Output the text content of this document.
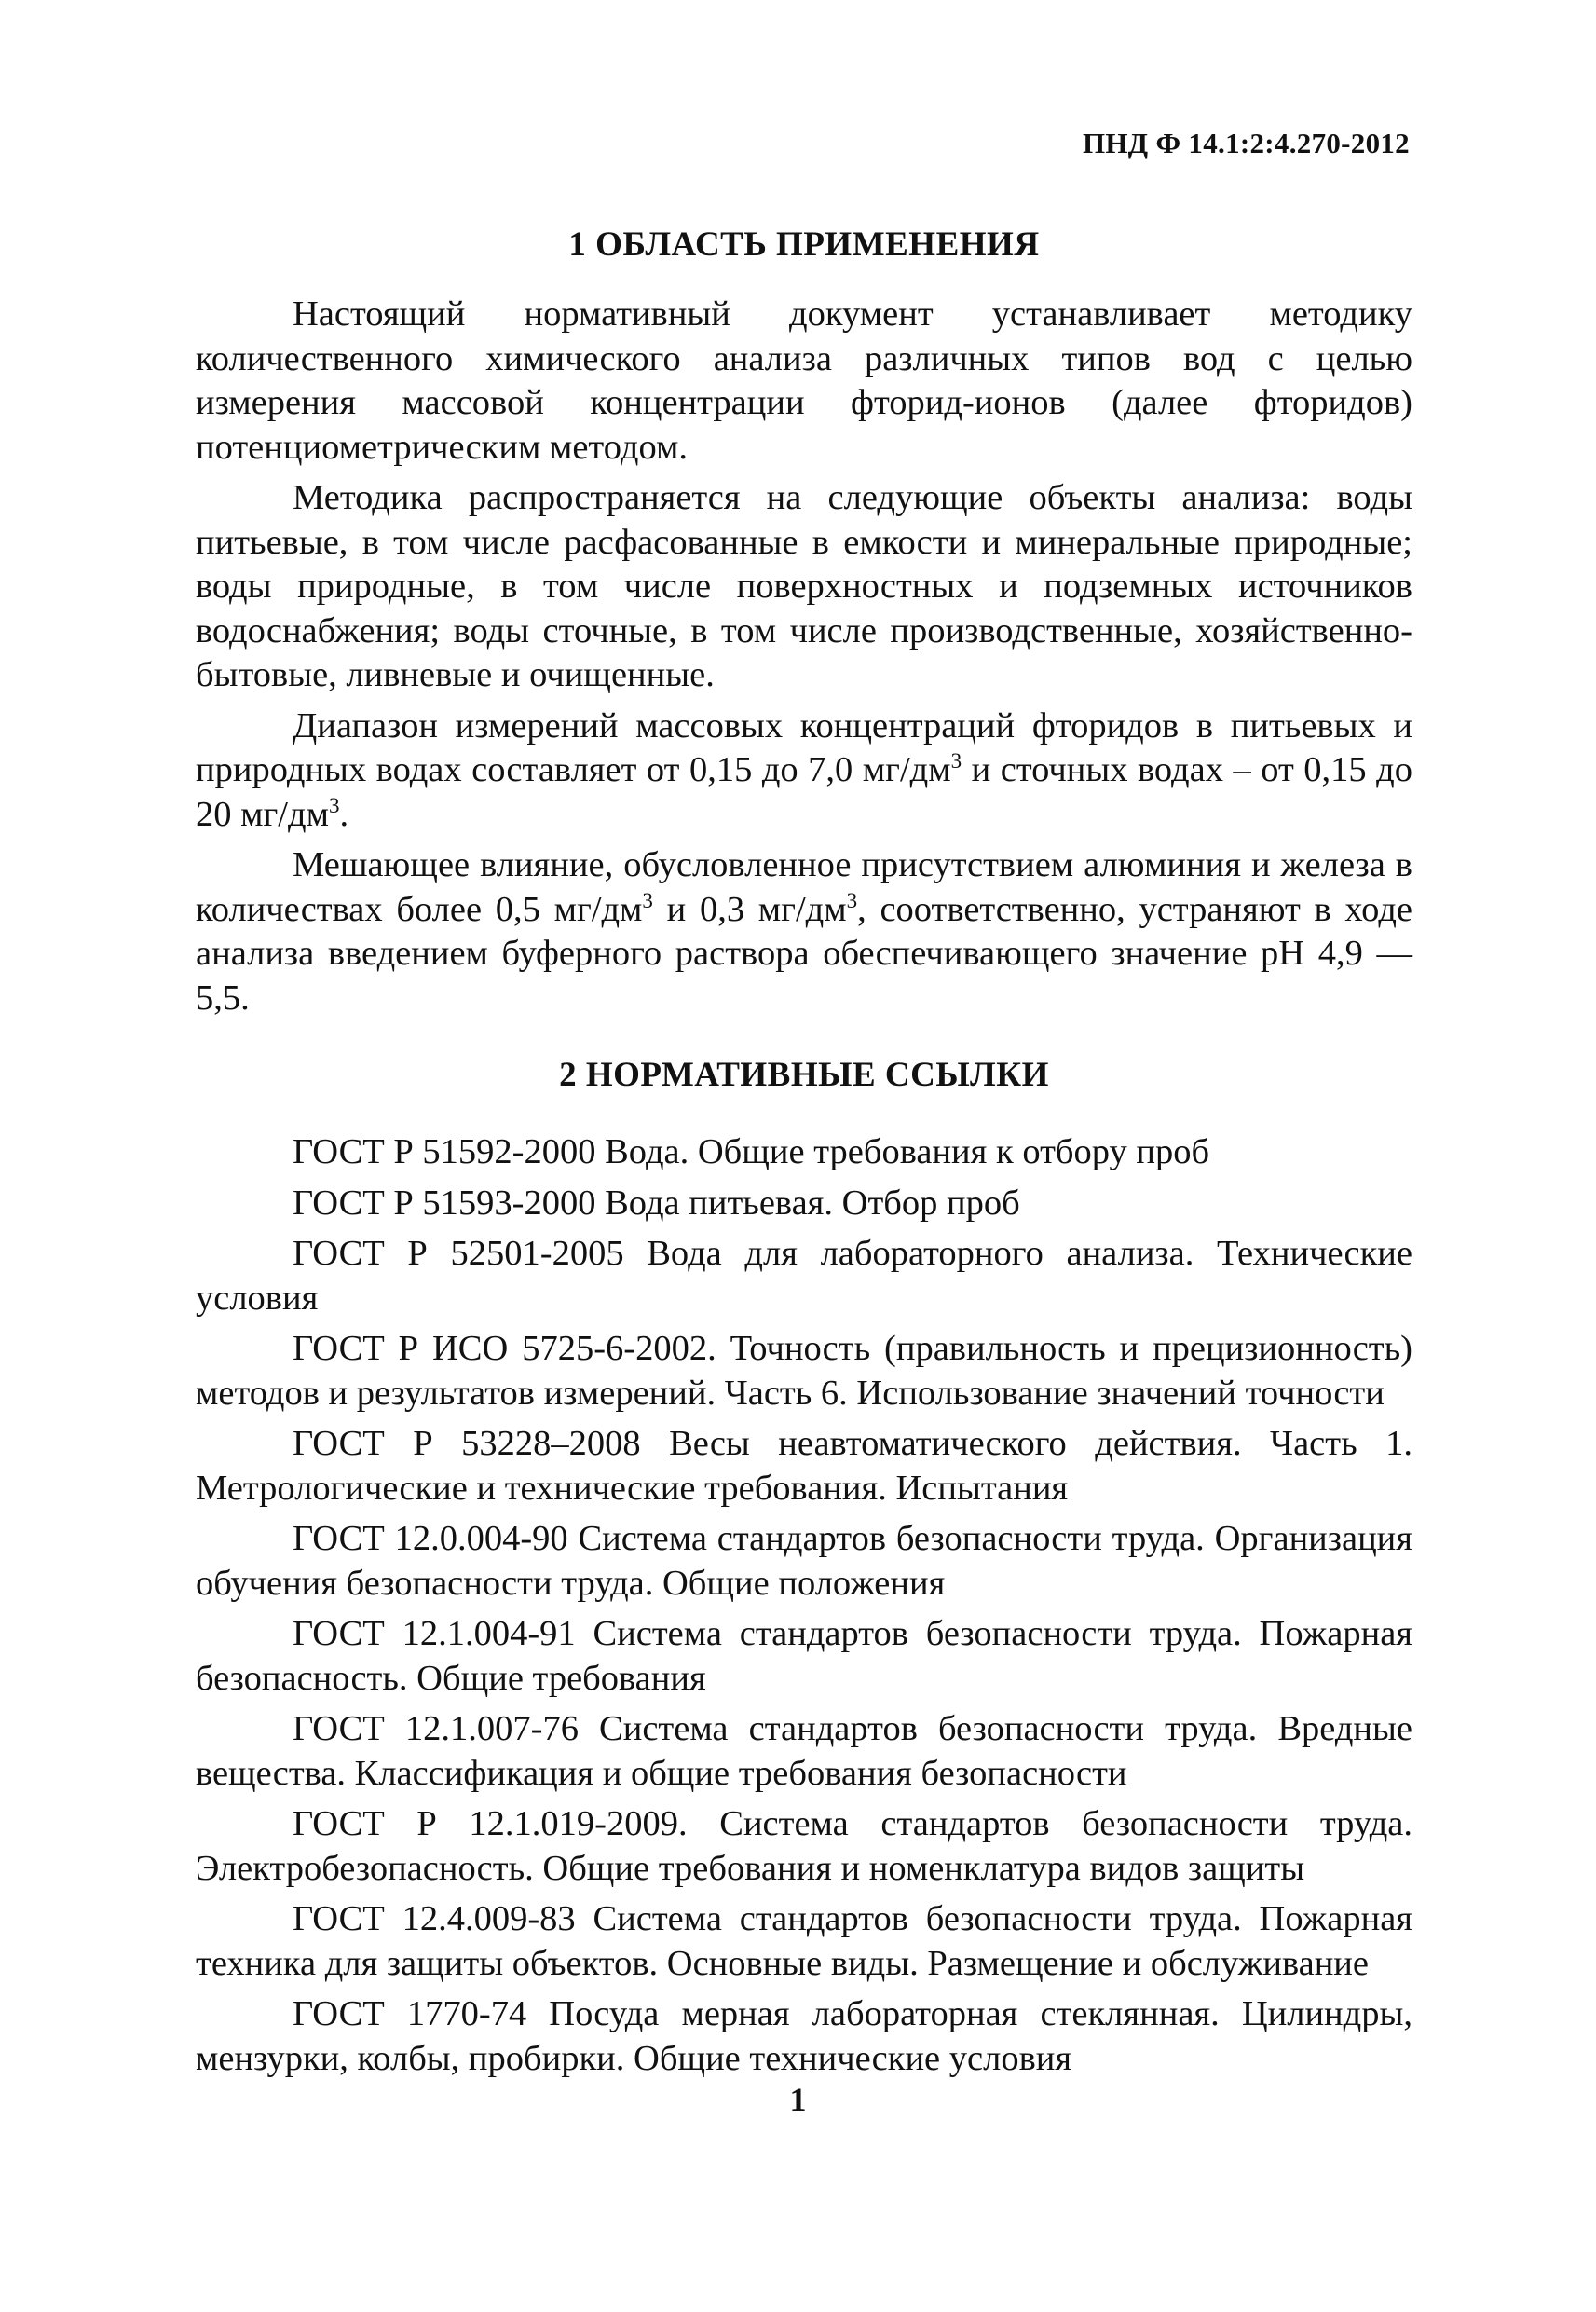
ПНД Ф 14.1:2:4.270-2012
1 ОБЛАСТЬ ПРИМЕНЕНИЯ

Настоящий нормативный документ устанавливает методику количественного химического анализа различных типов вод с целью измерения массовой концентрации фторид-ионов (далее фторидов) потенциометрическим методом.

Методика распространяется на следующие объекты анализа: воды питьевые, в том числе расфасованные в емкости и минеральные природные; воды природные, в том числе поверхностных и подземных источников водоснабжения; воды сточные, в том числе производственные, хозяйственно-бытовые, ливневые и очищенные.

Диапазон измерений массовых концентраций фторидов в питьевых и природных водах составляет от 0,15 до 7,0 $мг/дм^3$ и сточных водах – от 0,15 до 20 $мг/дм^3$.

Мешающее влияние, обусловленное присутствием алюминия и железа в количествах более 0,5 $мг/дм^3$ и 0,3 $мг/дм^3$, соответственно, устраняют в ходе анализа введением буферного раствора обеспечивающего значение рН 4,9 — 5,5.

2 НОРМАТИВНЫЕ ССЫЛКИ

ГОСТ Р 51592-2000 Вода. Общие требования к отбору проб

ГОСТ Р 51593-2000 Вода питьевая. Отбор проб

ГОСТ Р 52501-2005 Вода для лабораторного анализа. Технические условия

ГОСТ Р ИСО 5725-6-2002. Точность (правильность и прецизионность) методов и результатов измерений. Часть 6. Использование значений точности

ГОСТ Р 53228–2008 Весы неавтоматического действия. Часть 1. Метрологические и технические требования. Испытания

ГОСТ 12.0.004-90 Система стандартов безопасности труда. Организация обучения безопасности труда. Общие положения

ГОСТ 12.1.004-91 Система стандартов безопасности труда. Пожарная безопасность. Общие требования

ГОСТ 12.1.007-76 Система стандартов безопасности труда. Вредные вещества. Классификация и общие требования безопасности

ГОСТ Р 12.1.019-2009. Система стандартов безопасности труда. Электробезопасность. Общие требования и номенклатура видов защиты

ГОСТ 12.4.009-83 Система стандартов безопасности труда. Пожарная техника для защиты объектов. Основные виды. Размещение и обслуживание

ГОСТ 1770-74 Посуда мерная лабораторная стеклянная. Цилиндры, мензурки, колбы, пробирки. Общие технические условия

1
